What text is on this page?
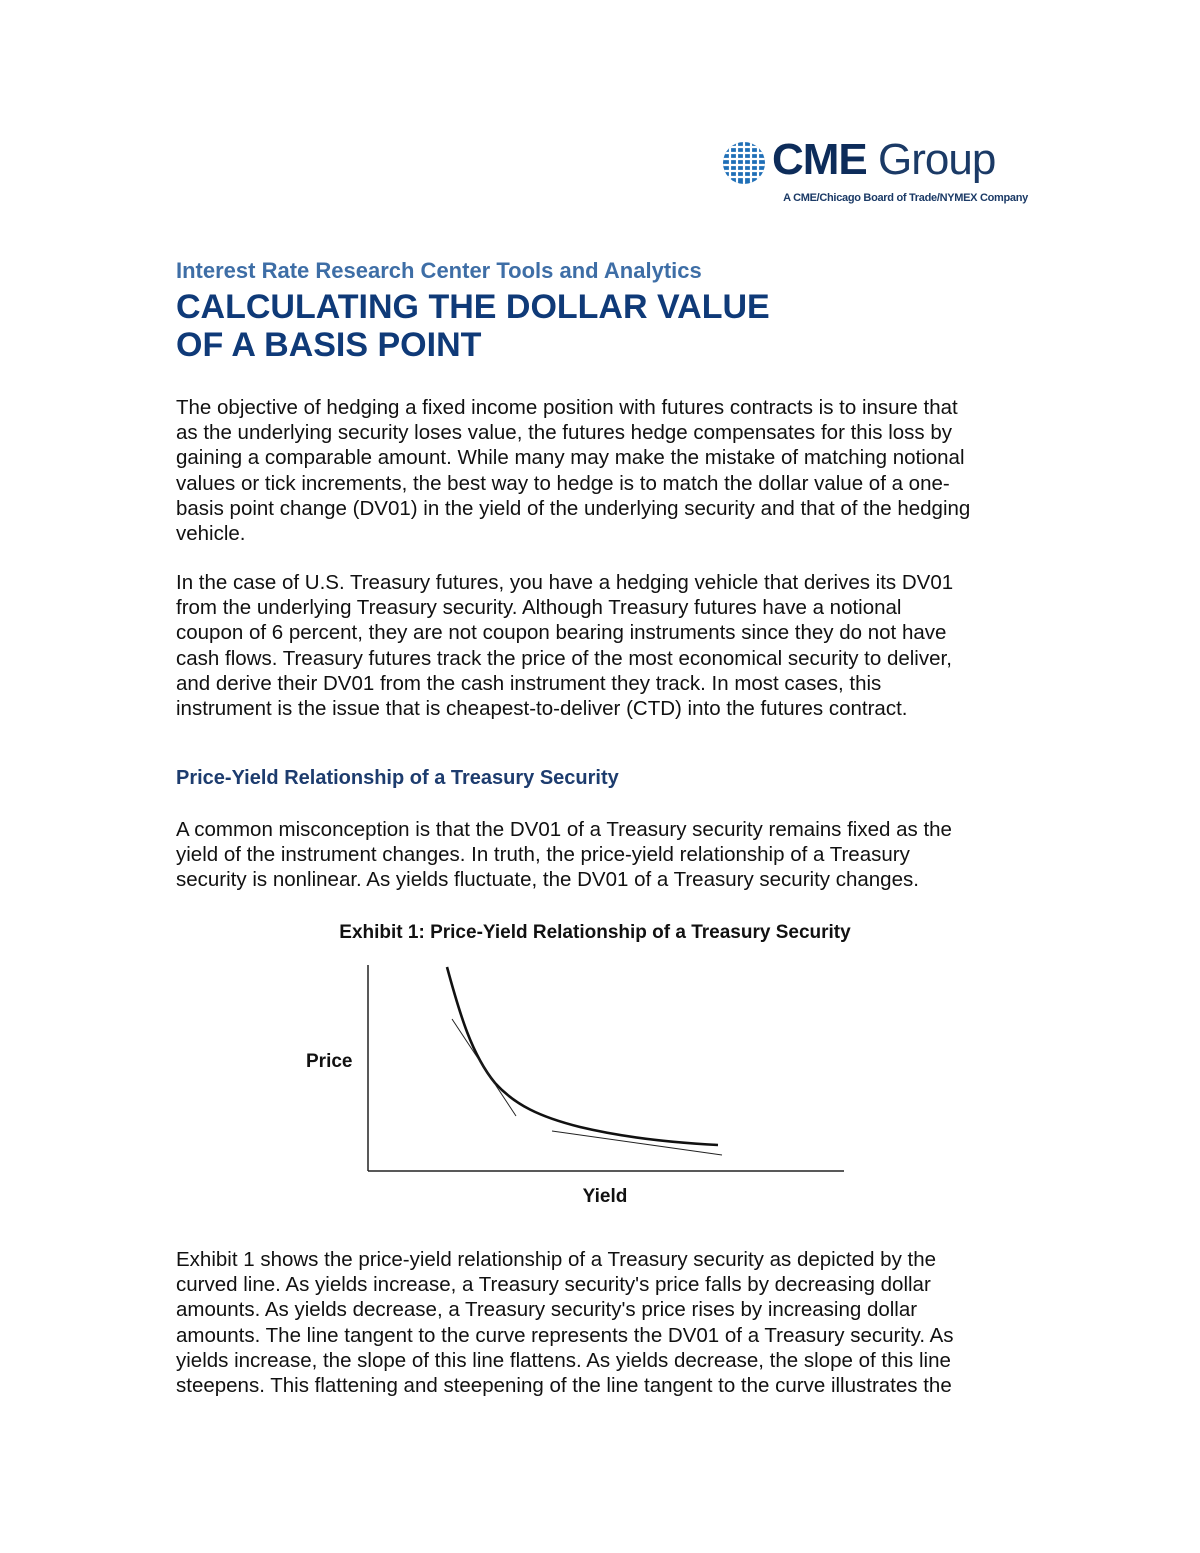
CME Group
A CME/Chicago Board of Trade/NYMEX Company
Interest Rate Research Center Tools and Analytics
CALCULATING THE DOLLAR VALUE
OF A BASIS POINT

The objective of hedging a fixed income position with futures contracts is to insure that
as the underlying security loses value, the futures hedge compensates for this loss by
gaining a comparable amount. While many may make the mistake of matching notional
values or tick increments, the best way to hedge is to match the dollar value of a one-
basis point change (DV01) in the yield of the underlying security and that of the hedging
vehicle.

In the case of U.S. Treasury futures, you have a hedging vehicle that derives its DV01
from the underlying Treasury security. Although Treasury futures have a notional
coupon of 6 percent, they are not coupon bearing instruments since they do not have
cash flows. Treasury futures track the price of the most economical security to deliver,
and derive their DV01 from the cash instrument they track. In most cases, this
instrument is the issue that is cheapest-to-deliver (CTD) into the futures contract.

Price-Yield Relationship of a Treasury Security

A common misconception is that the DV01 of a Treasury security remains fixed as the
yield of the instrument changes. In truth, the price-yield relationship of a Treasury
security is nonlinear. As yields fluctuate, the DV01 of a Treasury security changes.

Exhibit 1: Price-Yield Relationship of a Treasury Security
Price
Yield

Exhibit 1 shows the price-yield relationship of a Treasury security as depicted by the
curved line. As yields increase, a Treasury security's price falls by decreasing dollar
amounts. As yields decrease, a Treasury security's price rises by increasing dollar
amounts. The line tangent to the curve represents the DV01 of a Treasury security. As
yields increase, the slope of this line flattens. As yields decrease, the slope of this line
steepens. This flattening and steepening of the line tangent to the curve illustrates the
